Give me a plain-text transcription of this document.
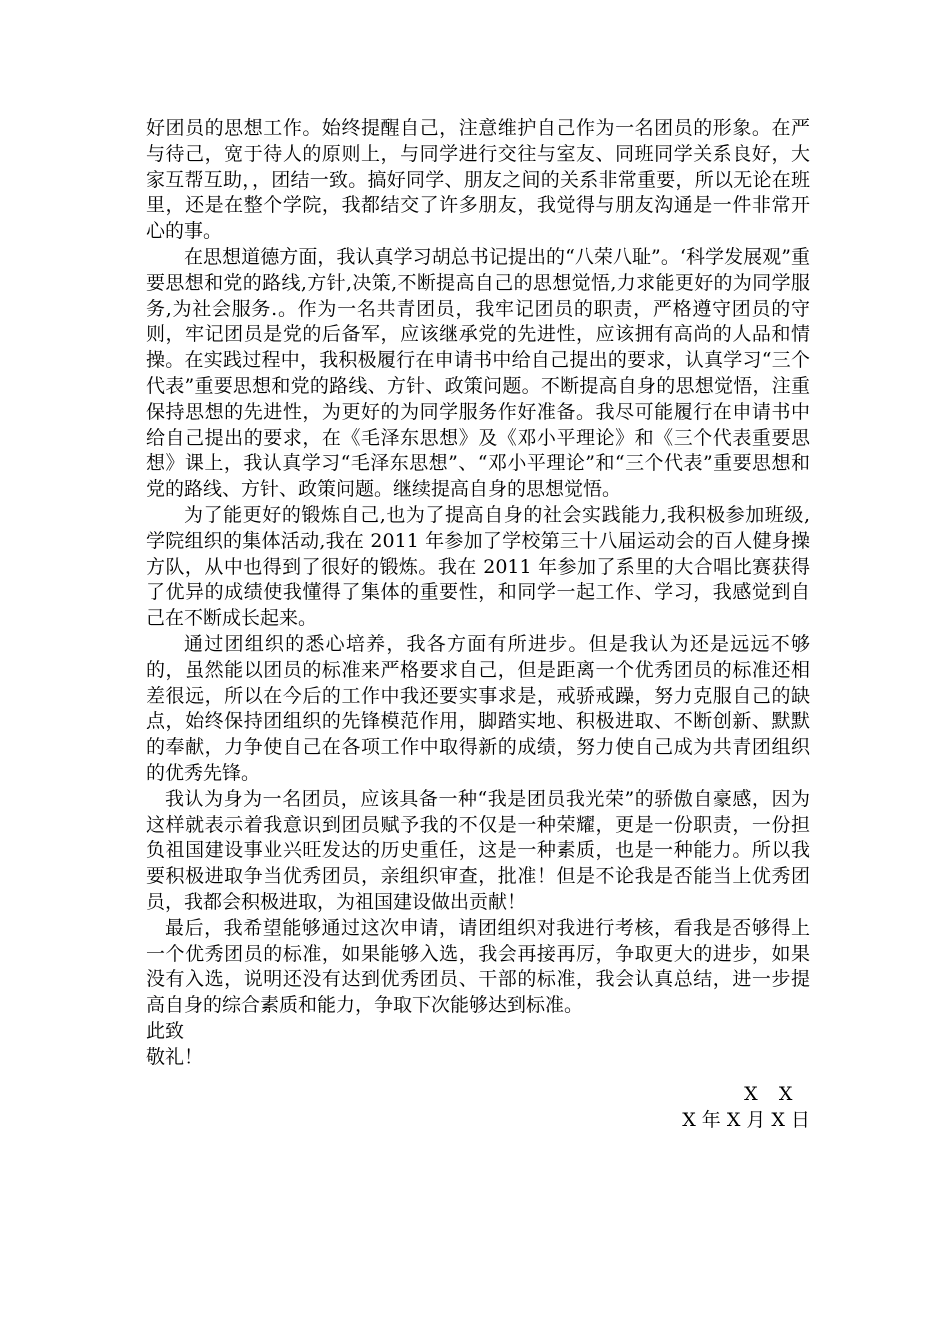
好团员的思想工作。始终提醒自己，注意维护自己作为一名团员的形象。在严与待己，宽于待人的原则上，与同学进行交往与室友、同班同学关系良好，大家互帮互助，，团结一致。搞好同学、朋友之间的关系非常重要，所以无论在班里，还是在整个学院，我都结交了许多朋友，我觉得与朋友沟通是一件非常开心的事。

在思想道德方面，我认真学习胡总书记提出的“八荣八耻”。‘科学发展观”重要思想和党的路线,方针,决策,不断提高自己的思想觉悟,力求能更好的为同学服务,为社会服务.。作为一名共青团员，我牢记团员的职责，严格遵守团员的守则，牢记团员是党的后备军，应该继承党的先进性，应该拥有高尚的人品和情操。在实践过程中，我积极履行在申请书中给自己提出的要求，认真学习“三个代表”重要思想和党的路线、方针、政策问题。不断提高自身的思想觉悟，注重保持思想的先进性，为更好的为同学服务作好准备。我尽可能履行在申请书中给自己提出的要求，在《毛泽东思想》及《邓小平理论》和《三个代表重要思想》课上，我认真学习“毛泽东思想”、“邓小平理论”和“三个代表”重要思想和党的路线、方针、政策问题。继续提高自身的思想觉悟。

为了能更好的锻炼自己,也为了提高自身的社会实践能力,我积极参加班级,学院组织的集体活动,我在 2011 年参加了学校第三十八届运动会的百人健身操方队，从中也得到了很好的锻炼。我在 2011 年参加了系里的大合唱比赛获得了优异的成绩使我懂得了集体的重要性，和同学一起工作、学习，我感觉到自己在不断成长起来。

通过团组织的悉心培养，我各方面有所进步。但是我认为还是远远不够的，虽然能以团员的标准来严格要求自己，但是距离一个优秀团员的标准还相差很远，所以在今后的工作中我还要实事求是，戒骄戒躁，努力克服自己的缺点，始终保持团组织的先锋模范作用，脚踏实地、积极进取、不断创新、默默的奉献，力争使自己在各项工作中取得新的成绩，努力使自己成为共青团组织的优秀先锋。

我认为身为一名团员，应该具备一种“我是团员我光荣”的骄傲自豪感，因为这样就表示着我意识到团员赋予我的不仅是一种荣耀，更是一份职责，一份担负祖国建设事业兴旺发达的历史重任，这是一种素质，也是一种能力。所以我要积极进取争当优秀团员，亲组织审查，批准！但是不论我是否能当上优秀团员，我都会积极进取，为祖国建设做出贡献！

最后，我希望能够通过这次申请，请团组织对我进行考核，看我是否够得上一个优秀团员的标准，如果能够入选，我会再接再厉，争取更大的进步，如果没有入选，说明还没有达到优秀团员、干部的标准，我会认真总结，进一步提高自身的综合素质和能力，争取下次能够达到标准。

此致

敬礼！

X X
X 年 X 月 X 日
